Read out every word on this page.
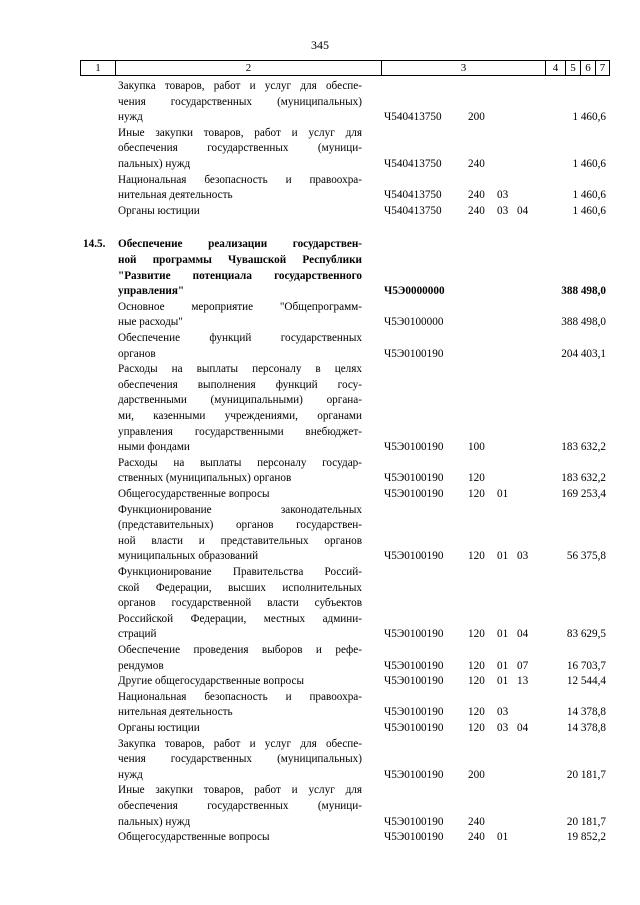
345
1	2	3	4	5 6 7
Закупка товаров, работ и услуг для обеспе-
чения государственных (муниципальных)
нужд	Ч540413750 200	1 460,6
Иные закупки товаров, работ и услуг для
обеспечения государственных (муници-
пальных) нужд	Ч540413750 240	1 460,6
Национальная безопасность и правоохра-
нительная деятельность	Ч540413750 240 03	1 460,6
Органы юстиции	Ч540413750 240 03 04	1 460,6
14.5.	Обеспечение реализации государствен-
ной программы Чувашской Республики
"Развитие потенциала государственного
управления"	Ч5Э0000000	388 498,0
Основное мероприятие "Общепрограмм-
ные расходы"	Ч5Э0100000	388 498,0
Обеспечение функций государственных
органов	Ч5Э0100190	204 403,1
Расходы на выплаты персоналу в целях
обеспечения выполнения функций госу-
дарственными (муниципальными) органа-
ми, казенными учреждениями, органами
управления государственными внебюджет-
ными фондами	Ч5Э0100190 100	183 632,2
Расходы на выплаты персоналу государ-
ственных (муниципальных) органов	Ч5Э0100190 120	183 632,2
Общегосударственные вопросы	Ч5Э0100190 120 01	169 253,4
Функционирование законодательных
(представительных) органов государствен-
ной власти и представительных органов
муниципальных образований	Ч5Э0100190 120 01 03	56 375,8
Функционирование Правительства Россий-
ской Федерации, высших исполнительных
органов государственной власти субъектов
Российской Федерации, местных админи-
страций	Ч5Э0100190 120 01 04	83 629,5
Обеспечение проведения выборов и рефе-
рендумов	Ч5Э0100190 120 01 07	16 703,7
Другие общегосударственные вопросы	Ч5Э0100190 120 01 13	12 544,4
Национальная безопасность и правоохра-
нительная деятельность	Ч5Э0100190 120 03	14 378,8
Органы юстиции	Ч5Э0100190 120 03 04	14 378,8
Закупка товаров, работ и услуг для обеспе-
чения государственных (муниципальных)
нужд	Ч5Э0100190 200	20 181,7
Иные закупки товаров, работ и услуг для
обеспечения государственных (муници-
пальных) нужд	Ч5Э0100190 240	20 181,7
Общегосударственные вопросы	Ч5Э0100190 240 01	19 852,2
